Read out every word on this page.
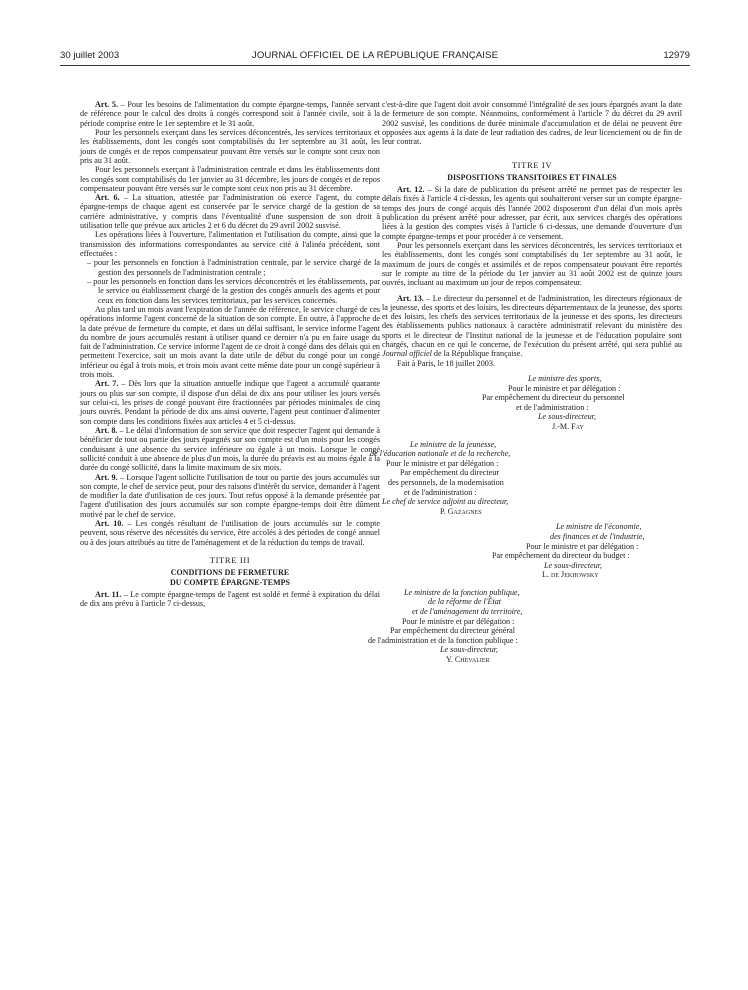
30 juillet 2003	JOURNAL OFFICIEL DE LA RÉPUBLIQUE FRANÇAISE	12979

Art. 5. – Pour les besoins de l'alimentation du compte épargne-temps, l'année servant de référence pour le calcul des droits à congés correspond soit à l'année civile, soit à la période comprise entre le 1er septembre et le 31 août.

Pour les personnels exerçant dans les services déconcentrés, les services territoriaux et les établissements, dont les congés sont comptabilisés du 1er septembre au 31 août, les jours de congés et de repos compensateur pouvant être versés sur le compte sont ceux non pris au 31 août.

Pour les personnels exerçant à l'administration centrale et dans les établissements dont les congés sont comptabilisés du 1er janvier au 31 décembre, les jours de congés et de repos compensateur pouvant être versés sur le compte sont ceux non pris au 31 décembre.

Art. 6. – La situation, attestée par l'administration où exerce l'agent, du compte épargne-temps de chaque agent est conservée par le service chargé de la gestion de sa carrière administrative, y compris dans l'éventualité d'une suspension de son droit à utilisation telle que prévue aux articles 2 et 6 du décret du 29 avril 2002 susvisé.

Les opérations liées à l'ouverture, l'alimentation et l'utilisation du compte, ainsi que la transmission des informations correspondantes au service cité à l'alinéa précédent, sont effectuées :

– pour les personnels en fonction à l'administration centrale, par le service chargé de la gestion des personnels de l'administration centrale ;
– pour les personnels en fonction dans les services déconcentrés et les établissements, par le service ou établissement chargé de la gestion des congés annuels des agents et pour ceux en fonction dans les services territoriaux, par les services concernés.

Au plus tard un mois avant l'expiration de l'année de référence, le service chargé de ces opérations informe l'agent concerné de la situation de son compte. En outre, à l'approche de la date prévue de fermeture du compte, et dans un délai suffisant, le service informe l'agent du nombre de jours accumulés restant à utiliser quand ce dernier n'a pu en faire usage du fait de l'administration. Ce service informe l'agent de ce droit à congé dans des délais qui en permettent l'exercice, soit un mois avant la date utile de début du congé pour un congé inférieur ou égal à trois mois, et trois mois avant cette même date pour un congé supérieur à trois mois.

Art. 7. – Dès lors que la situation annuelle indique que l'agent a accumulé quarante jours ou plus sur son compte, il dispose d'un délai de dix ans pour utiliser les jours versés sur celui-ci, les prises de congé pouvant être fractionnées par périodes minimales de cinq jours ouvrés. Pendant la période de dix ans ainsi ouverte, l'agent peut continuer d'alimenter son compte dans les conditions fixées aux articles 4 et 5 ci-dessus.

Art. 8. – Le délai d'information de son service que doit respecter l'agent qui demande à bénéficier de tout ou partie des jours épargnés sur son compte est d'un mois pour les congés conduisant à une absence du service inférieure ou égale à un mois. Lorsque le congé sollicité conduit à une absence de plus d'un mois, la durée du préavis est au moins égale à la durée du congé sollicité, dans la limite maximum de six mois.

Art. 9. – Lorsque l'agent sollicite l'utilisation de tout ou partie des jours accumulés sur son compte, le chef de service peut, pour des raisons d'intérêt du service, demander à l'agent de modifier la date d'utilisation de ces jours. Tout refus opposé à la demande présentée par l'agent d'utilisation des jours accumulés sur son compte épargne-temps doit être dûment motivé par le chef de service.

Art. 10. – Les congés résultant de l'utilisation de jours accumulés sur le compte peuvent, sous réserve des nécessités du service, être accolés à des périodes de congé annuel ou à des jours attribués au titre de l'aménagement et de la réduction du temps de travail.

TITRE III
CONDITIONS DE FERMETURE
DU COMPTE ÉPARGNE-TEMPS

Art. 11. – Le compte épargne-temps de l'agent est soldé et fermé à expiration du délai de dix ans prévu à l'article 7 ci-dessus,

c'est-à-dire que l'agent doit avoir consommé l'intégralité de ses jours épargnés avant la date de fermeture de son compte. Néanmoins, conformément à l'article 7 du décret du 29 avril 2002 susvisé, les conditions de durée minimale d'accumulation et de délai ne peuvent être opposées aux agents à la date de leur radiation des cadres, de leur licenciement ou de fin de leur contrat.

TITRE IV
DISPOSITIONS TRANSITOIRES ET FINALES

Art. 12. – Si la date de publication du présent arrêté ne permet pas de respecter les délais fixés à l'article 4 ci-dessus, les agents qui souhaiteront verser sur un compte épargne-temps des jours de congé acquis dès l'année 2002 disposeront d'un délai d'un mois après publication du présent arrêté pour adresser, par écrit, aux services chargés des opérations liées à la gestion des comptes visés à l'article 6 ci-dessus, une demande d'ouverture d'un compte épargne-temps et pour procéder à ce versement.

Pour les personnels exerçant dans les services déconcentrés, les services territoriaux et les établissements, dont les congés sont comptabilisés du 1er septembre au 31 août, le maximum de jours de congés et assimilés et de repos compensateur pouvant être reportés sur le compte au titre de la période du 1er janvier au 31 août 2002 est de quinze jours ouvrés, incluant au maximum un jour de repos compensateur.

Art. 13. – Le directeur du personnel et de l'administration, les directeurs régionaux de la jeunesse, des sports et des loisirs, les directeurs départementaux de la jeunesse, des sports et des loisirs, les chefs des services territoriaux de la jeunesse et des sports, les directeurs des établissements publics nationaux à caractère administratif relevant du ministère des sports et le directeur de l'Institut national de la jeunesse et de l'éducation populaire sont chargés, chacun en ce qui le concerne, de l'exécution du présent arrêté, qui sera publié au Journal officiel de la République française.

Fait à Paris, le 18 juillet 2003.

Le ministre des sports,
Pour le ministre et par délégation :
Par empêchement du directeur du personnel
et de l'administration :
Le sous-directeur,
J.-M. Fay
Le ministre de la jeunesse,
de l'éducation nationale et de la recherche,
Pour le ministre et par délégation :
Par empêchement du directeur
des personnels, de la modernisation
et de l'administration :
Le chef de service adjoint au directeur,
P. Gazagnes
Le ministre de l'économie,
des finances et de l'industrie,
Pour le ministre et par délégation :
Par empêchement du directeur du budget :
Le sous-directeur,
L. de Jekhowsky
Le ministre de la fonction publique,
de la réforme de l'État
et de l'aménagement du territoire,
Pour le ministre et par délégation :
Par empêchement du directeur général
de l'administration et de la fonction publique :
Le sous-directeur,
Y. Chevalier
